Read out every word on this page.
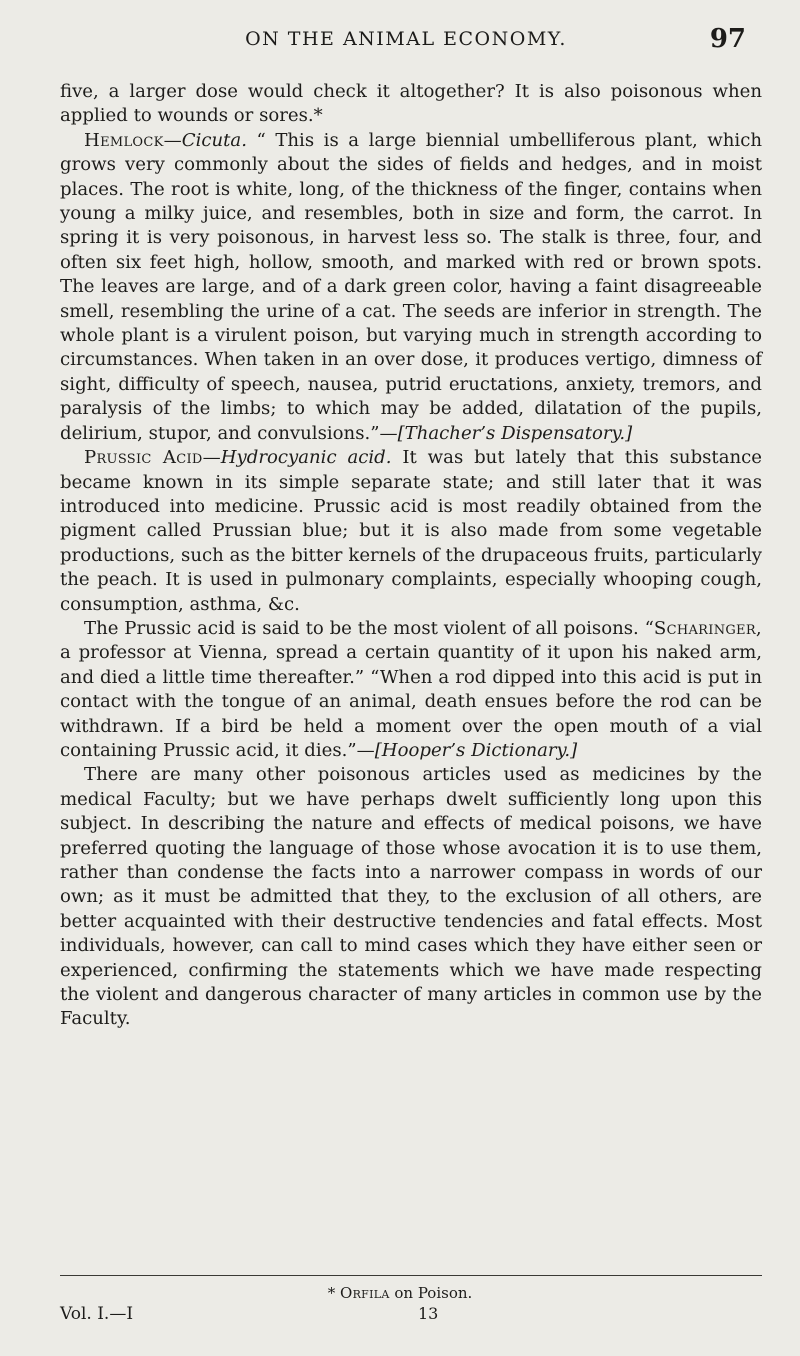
ON THE ANIMAL ECONOMY.	97

five, a larger dose would check it altogether? It is also poisonous when applied to wounds or sores.*

Hemlock—Cicuta. “ This is a large biennial umbelliferous plant, which grows very commonly about the sides of fields and hedges, and in moist places. The root is white, long, of the thickness of the finger, contains when young a milky juice, and resembles, both in size and form, the carrot. In spring it is very poisonous, in harvest less so. The stalk is three, four, and often six feet high, hollow, smooth, and marked with red or brown spots. The leaves are large, and of a dark green color, having a faint disagreeable smell, resembling the urine of a cat. The seeds are inferior in strength. The whole plant is a virulent poison, but varying much in strength according to circumstances. When taken in an over dose, it produces vertigo, dimness of sight, difficulty of speech, nausea, putrid eructations, anxiety, tremors, and paralysis of the limbs; to which may be added, dilatation of the pupils, delirium, stupor, and convulsions.”—[Thacher’s Dispensatory.]

Prussic Acid—Hydrocyanic acid. It was but lately that this substance became known in its simple separate state; and still later that it was introduced into medicine. Prussic acid is most readily obtained from the pigment called Prussian blue; but it is also made from some vegetable productions, such as the bitter kernels of the drupaceous fruits, particularly the peach. It is used in pulmonary complaints, especially whooping cough, consumption, asthma, &c.

The Prussic acid is said to be the most violent of all poisons. “Scharinger, a professor at Vienna, spread a certain quantity of it upon his naked arm, and died a little time thereafter.” “When a rod dipped into this acid is put in contact with the tongue of an animal, death ensues before the rod can be withdrawn. If a bird be held a moment over the open mouth of a vial containing Prussic acid, it dies.”—[Hooper’s Dictionary.]

There are many other poisonous articles used as medicines by the medical Faculty; but we have perhaps dwelt sufficiently long upon this subject. In describing the nature and effects of medical poisons, we have preferred quoting the language of those whose avocation it is to use them, rather than condense the facts into a narrower compass in words of our own; as it must be admitted that they, to the exclusion of all others, are better acquainted with their destructive tendencies and fatal effects. Most individuals, however, can call to mind cases which they have either seen or experienced, confirming the statements which we have made respecting the violent and dangerous character of many articles in common use by the Faculty.

* Orfila on Poison.
Vol. I.—I	13
